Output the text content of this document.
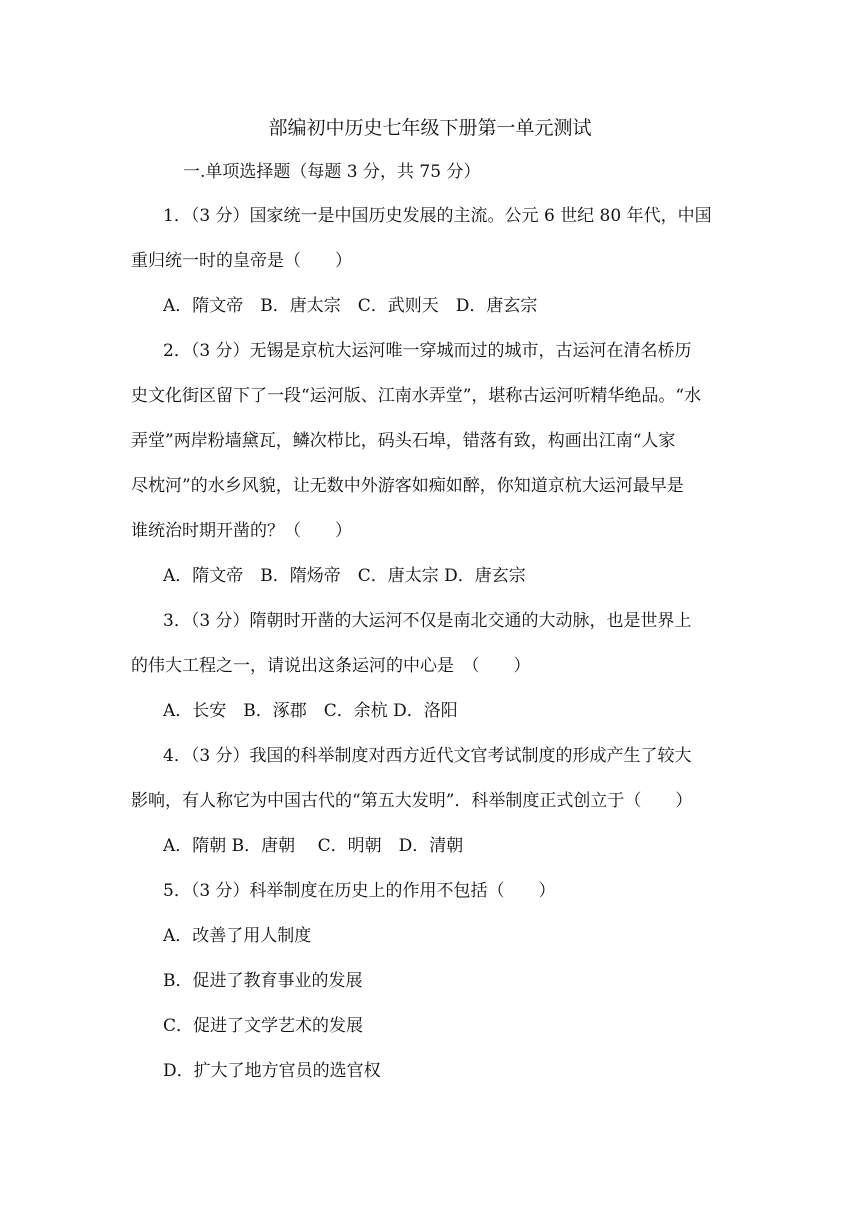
部编初中历史七年级下册第一单元测试
一.单项选择题（每题 3 分，共 75 分）
1．（3 分）国家统一是中国历史发展的主流。公元 6 世纪 80 年代，中国
重归统一时的皇帝是（　　）
A．隋文帝　B．唐太宗　C．武则天　D．唐玄宗
2．（3 分）无锡是京杭大运河唯一穿城而过的城市，古运河在清名桥历
史文化街区留下了一段“运河版、江南水弄堂”，堪称古运河听精华绝品。“水
弄堂”两岸粉墙黛瓦，鳞次栉比，码头石埠，错落有致，构画出江南“人家
尽枕河”的水乡风貌，让无数中外游客如痴如醉，你知道京杭大运河最早是
谁统治时期开凿的？（　　）
A．隋文帝　B．隋炀帝　C．唐太宗 D．唐玄宗
3．（3 分）隋朝时开凿的大运河不仅是南北交通的大动脉，也是世界上
的伟大工程之一，请说出这条运河的中心是　（　　）
A．长安　B．涿郡　C．余杭 D．洛阳
4．（3 分）我国的科举制度对西方近代文官考试制度的形成产生了较大
影响，有人称它为中国古代的“第五大发明”．科举制度正式创立于（　　）
A．隋朝 B．唐朝　 C．明朝　D．清朝
5．（3 分）科举制度在历史上的作用不包括（　　）
A．改善了用人制度
B．促进了教育事业的发展
C．促进了文学艺术的发展
D．扩大了地方官员的选官权
